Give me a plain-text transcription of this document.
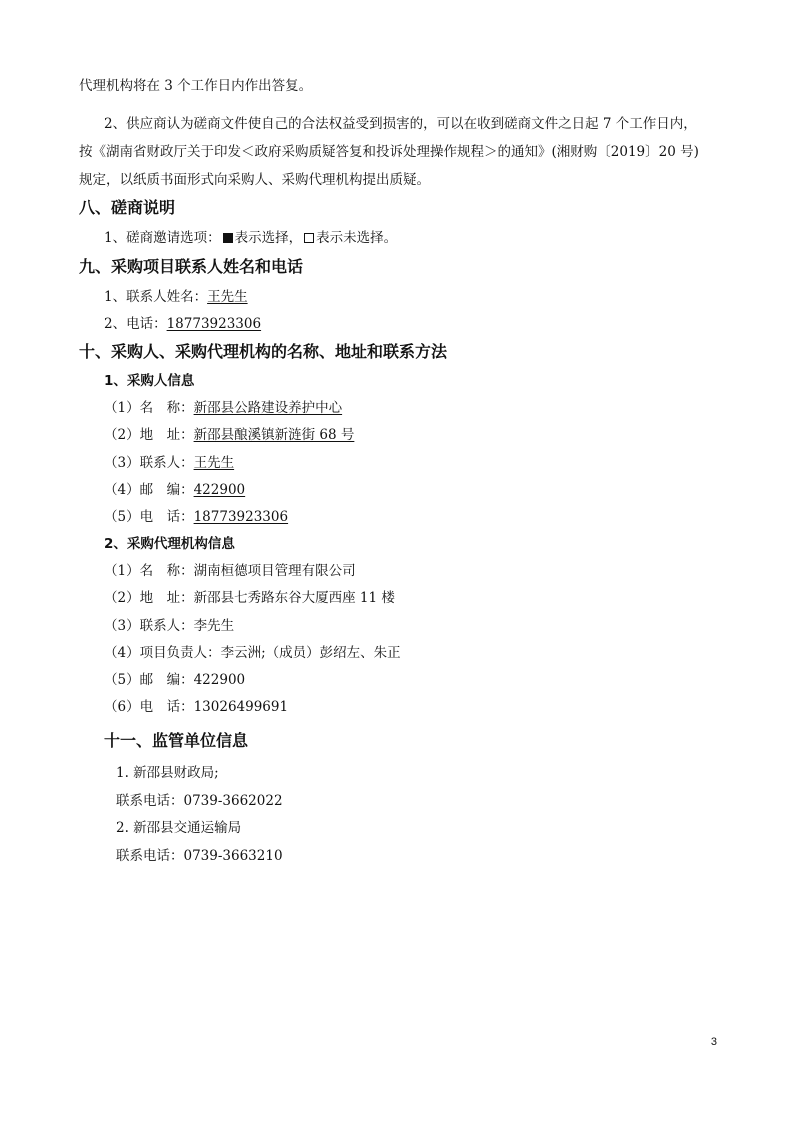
代理机构将在 3 个工作日内作出答复。
2、供应商认为磋商文件使自己的合法权益受到损害的，可以在收到磋商文件之日起 7 个工作日内，
按《湖南省财政厅关于印发＜政府采购质疑答复和投诉处理操作规程＞的通知》(湘财购〔2019〕20 号)
规定，以纸质书面形式向采购人、采购代理机构提出质疑。
八、磋商说明
1、磋商邀请选项： 表示选择， 表示未选择。
九、采购项目联系人姓名和电话
1、联系人姓名：王先生
2、电话：18773923306
十、采购人、采购代理机构的名称、地址和联系方法
1、采购人信息
（1）名　称：新邵县公路建设养护中心
（2）地　址：新邵县酿溪镇新涟街 68 号
（3）联系人：王先生
（4）邮　编：422900
（5）电　话：18773923306
2、采购代理机构信息
（1）名　称：湖南桓德项目管理有限公司
（2）地　址：新邵县七秀路东谷大厦西座 11 楼
（3）联系人：李先生
（4）项目负责人：李云洲;（成员）彭绍左、朱正
（5）邮　编：422900
（6）电　话：13026499691
十一、监管单位信息
1. 新邵县财政局;
联系电话：0739-3662022
2. 新邵县交通运输局
联系电话：0739-3663210
3
